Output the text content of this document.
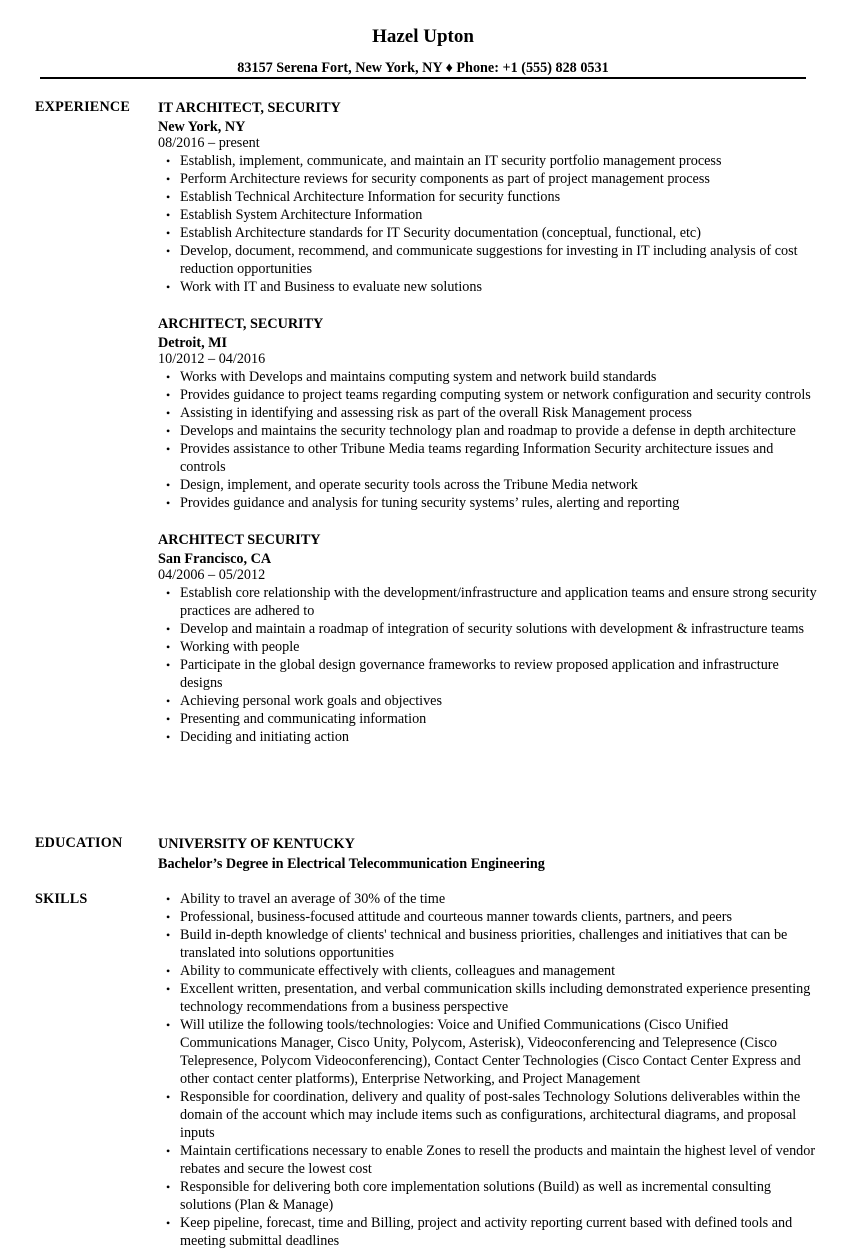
Hazel Upton
83157 Serena Fort, New York, NY ♦ Phone: +1 (555) 828 0531
EXPERIENCE IT ARCHITECT, SECURITY
New York, NY
08/2016 – present
• Establish, implement, communicate, and maintain an IT security portfolio management process
• Perform Architecture reviews for security components as part of project management process
• Establish Technical Architecture Information for security functions
• Establish System Architecture Information
• Establish Architecture standards for IT Security documentation (conceptual, functional, etc)
• Develop, document, recommend, and communicate suggestions for investing in IT including analysis of cost reduction opportunities
• Work with IT and Business to evaluate new solutions
ARCHITECT, SECURITY
Detroit, MI
10/2012 – 04/2016
• Works with Develops and maintains computing system and network build standards
• Provides guidance to project teams regarding computing system or network configuration and security controls
• Assisting in identifying and assessing risk as part of the overall Risk Management process
• Develops and maintains the security technology plan and roadmap to provide a defense in depth architecture
• Provides assistance to other Tribune Media teams regarding Information Security architecture issues and controls
• Design, implement, and operate security tools across the Tribune Media network
• Provides guidance and analysis for tuning security systems’ rules, alerting and reporting
ARCHITECT SECURITY
San Francisco, CA
04/2006 – 05/2012
• Establish core relationship with the development/infrastructure and application teams and ensure strong security practices are adhered to
• Develop and maintain a roadmap of integration of security solutions with development & infrastructure teams
• Working with people
• Participate in the global design governance frameworks to review proposed application and infrastructure designs
• Achieving personal work goals and objectives
• Presenting and communicating information
• Deciding and initiating action
EDUCATION	UNIVERSITY OF KENTUCKY
Bachelor’s Degree in Electrical Telecommunication Engineering
SKILLS	• Ability to travel an average of 30% of the time
• Professional, business-focused attitude and courteous manner towards clients, partners, and peers
• Build in-depth knowledge of clients' technical and business priorities, challenges and initiatives that can be translated into solutions opportunities
• Ability to communicate effectively with clients, colleagues and management
• Excellent written, presentation, and verbal communication skills including demonstrated experience presenting technology recommendations from a business perspective
• Will utilize the following tools/technologies: Voice and Unified Communications (Cisco Unified Communications Manager, Cisco Unity, Polycom, Asterisk), Videoconferencing and Telepresence (Cisco Telepresence, Polycom Videoconferencing), Contact Center Technologies (Cisco Contact Center Express and other contact center platforms), Enterprise Networking, and Project Management
• Responsible for coordination, delivery and quality of post-sales Technology Solutions deliverables within the domain of the account which may include items such as configurations, architectural diagrams, and proposal inputs
• Maintain certifications necessary to enable Zones to resell the products and maintain the highest level of vendor rebates and secure the lowest cost
• Responsible for delivering both core implementation solutions (Build) as well as incremental consulting solutions (Plan & Manage)
• Keep pipeline, forecast, time and Billing, project and activity reporting current based with defined tools and meeting submittal deadlines
